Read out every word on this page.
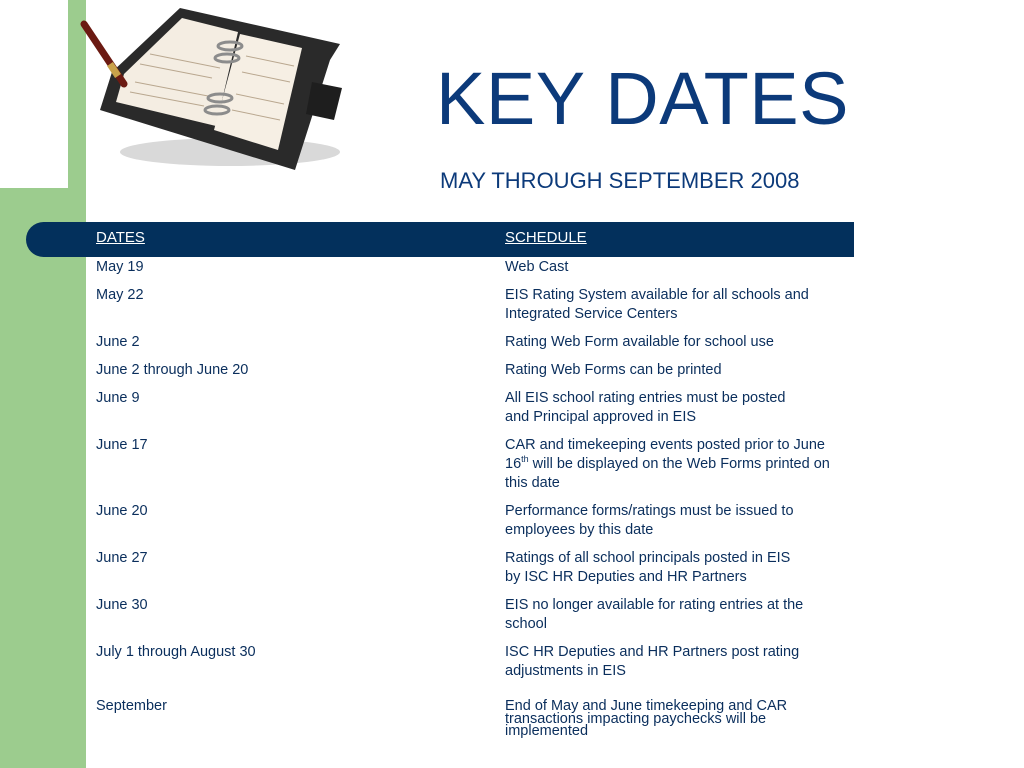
KEY DATES
MAY THROUGH SEPTEMBER 2008
DATES	SCHEDULE
May 19	Web Cast
May 22	EIS Rating System available for all schools and
Integrated Service Centers
June 2	Rating Web Form available for school use
June 2 through June 20	Rating Web Forms can be printed
June 9	All EIS school rating entries must be posted
and Principal approved in EIS
June 17	CAR and timekeeping events posted prior to June
16th will be displayed on the Web Forms printed on
this date
June 20	Performance forms/ratings must be issued to
employees by this date
June 27	Ratings of all school principals posted in EIS
by ISC HR Deputies and HR Partners
June 30	EIS no longer available for rating entries at the
school
July 1 through August 30	ISC HR Deputies and HR Partners post rating
adjustments in EIS
September	End of May and June timekeeping and CAR
transactions impacting paychecks will be
implemented
